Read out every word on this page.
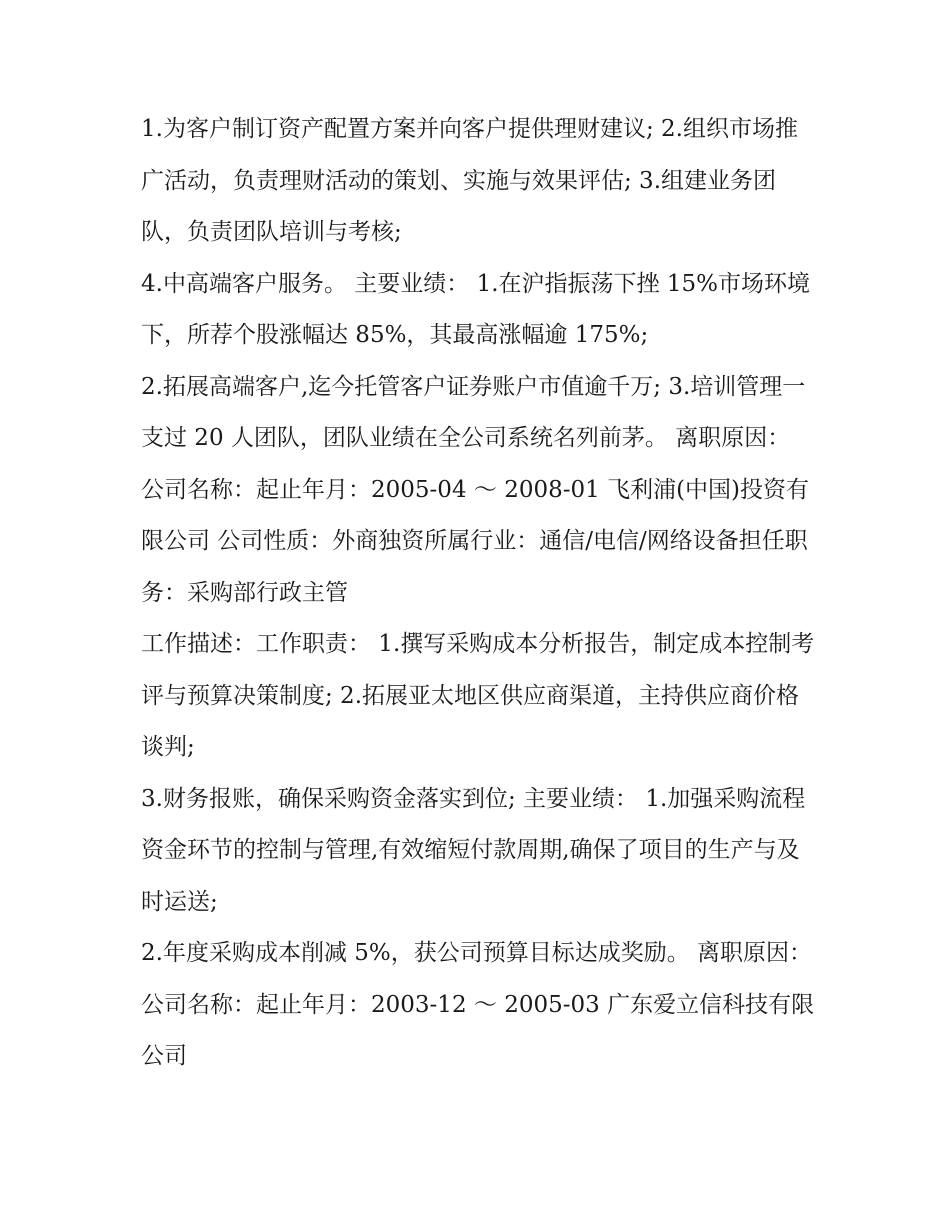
1.为客户制订资产配置方案并向客户提供理财建议; 2.组织市场推广活动，负责理财活动的策划、实施与效果评估; 3.组建业务团队，负责团队培训与考核;

4.中高端客户服务。 主要业绩： 1.在沪指振荡下挫 15%市场环境下，所荐个股涨幅达 85%，其最高涨幅逾 175%;

2.拓展高端客户,迄今托管客户证券账户市值逾千万; 3.培训管理一支过 20 人团队，团队业绩在全公司系统名列前茅。 离职原因：

公司名称：起止年月：2005-04 ～ 2008-01 飞利浦(中国)投资有限公司 公司性质：外商独资所属行业：通信/电信/网络设备担任职务：采购部行政主管

工作描述：工作职责： 1.撰写采购成本分析报告，制定成本控制考评与预算决策制度; 2.拓展亚太地区供应商渠道，主持供应商价格谈判;

3.财务报账，确保采购资金落实到位; 主要业绩： 1.加强采购流程资金环节的控制与管理,有效缩短付款周期,确保了项目的生产与及时运送;

2.年度采购成本削减 5%，获公司预算目标达成奖励。 离职原因： 公司名称：起止年月：2003-12 ～ 2005-03 广东爱立信科技有限公司
